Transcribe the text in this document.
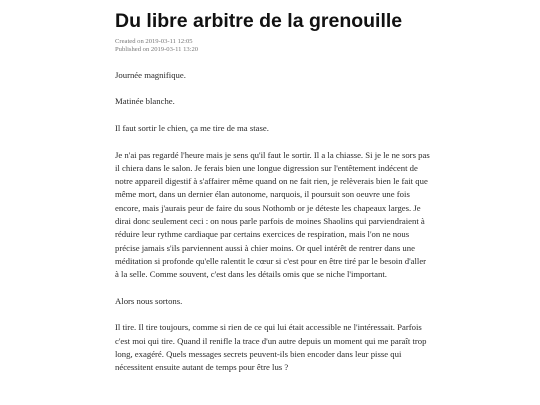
Du libre arbitre de la grenouille
Created on 2019-03-11 12:05
Published on 2019-03-11 13:20

Journée magnifique.

Matinée blanche.

Il faut sortir le chien, ça me tire de ma stase.

Je n'ai pas regardé l'heure mais je sens qu'il faut le sortir. Il a la chiasse. Si je le ne sors pas il chiera dans le salon. Je ferais bien une longue digression sur l'entêtement indécent de notre appareil digestif à s'affairer même quand on ne fait rien, je relèverais bien le fait que même mort, dans un dernier élan autonome, narquois, il poursuit son oeuvre une fois encore, mais j'aurais peur de faire du sous Nothomb or je déteste les chapeaux larges. Je dirai donc seulement ceci : on nous parle parfois de moines Shaolins qui parviendraient à réduire leur rythme cardiaque par certains exercices de respiration, mais l'on ne nous précise jamais s'ils parviennent aussi à chier moins. Or quel intérêt de rentrer dans une méditation si profonde qu'elle ralentit le cœur si c'est pour en être tiré par le besoin d'aller à la selle. Comme souvent, c'est dans les détails omis que se niche l'important.

Alors nous sortons.

Il tire. Il tire toujours, comme si rien de ce qui lui était accessible ne l'intéressait. Parfois c'est moi qui tire. Quand il renifle la trace d'un autre depuis un moment qui me paraît trop long, exagéré. Quels messages secrets peuvent-ils bien encoder dans leur pisse qui nécessitent ensuite autant de temps pour être lus ?
